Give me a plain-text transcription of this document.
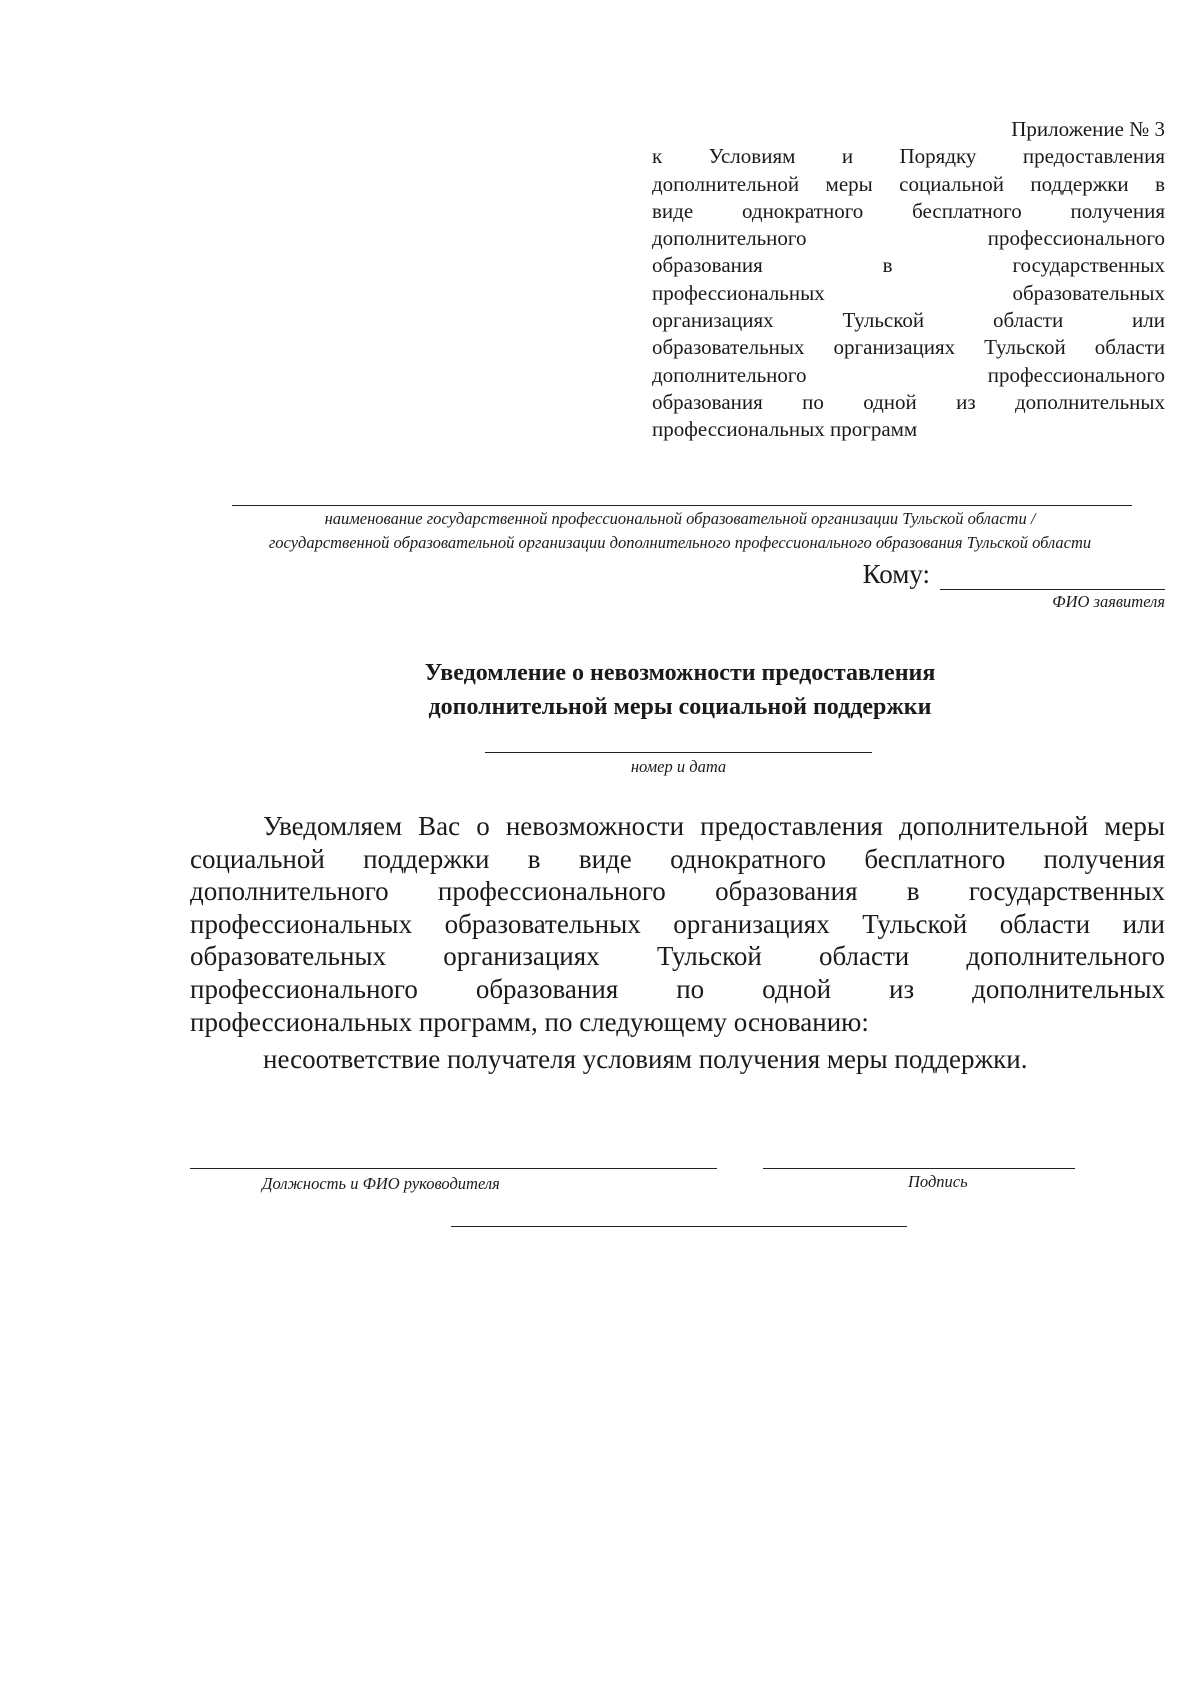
Приложение № 3
к Условиям и Порядку предоставления
дополнительной меры социальной поддержки в
виде однократного бесплатного получения
дополнительного профессионального
образования в государственных
профессиональных образовательных
организациях Тульской области или
образовательных организациях Тульской области
дополнительного профессионального
образования по одной из дополнительных
профессиональных программ
наименование государственной профессиональной образовательной организации Тульской области /
государственной образовательной организации дополнительного профессионального образования Тульской области
Кому:
ФИО заявителя
Уведомление о невозможности предоставления
дополнительной меры социальной поддержки
номер и дата
Уведомляем Вас о невозможности предоставления дополнительной меры
социальной поддержки в виде однократного бесплатного получения
дополнительного профессионального образования в государственных
профессиональных образовательных организациях Тульской области или
образовательных организациях Тульской области дополнительного
профессионального образования по одной из дополнительных
профессиональных программ, по следующему основанию:
несоответствие получателя условиям получения меры поддержки.
Должность и ФИО руководителя	Подпись
